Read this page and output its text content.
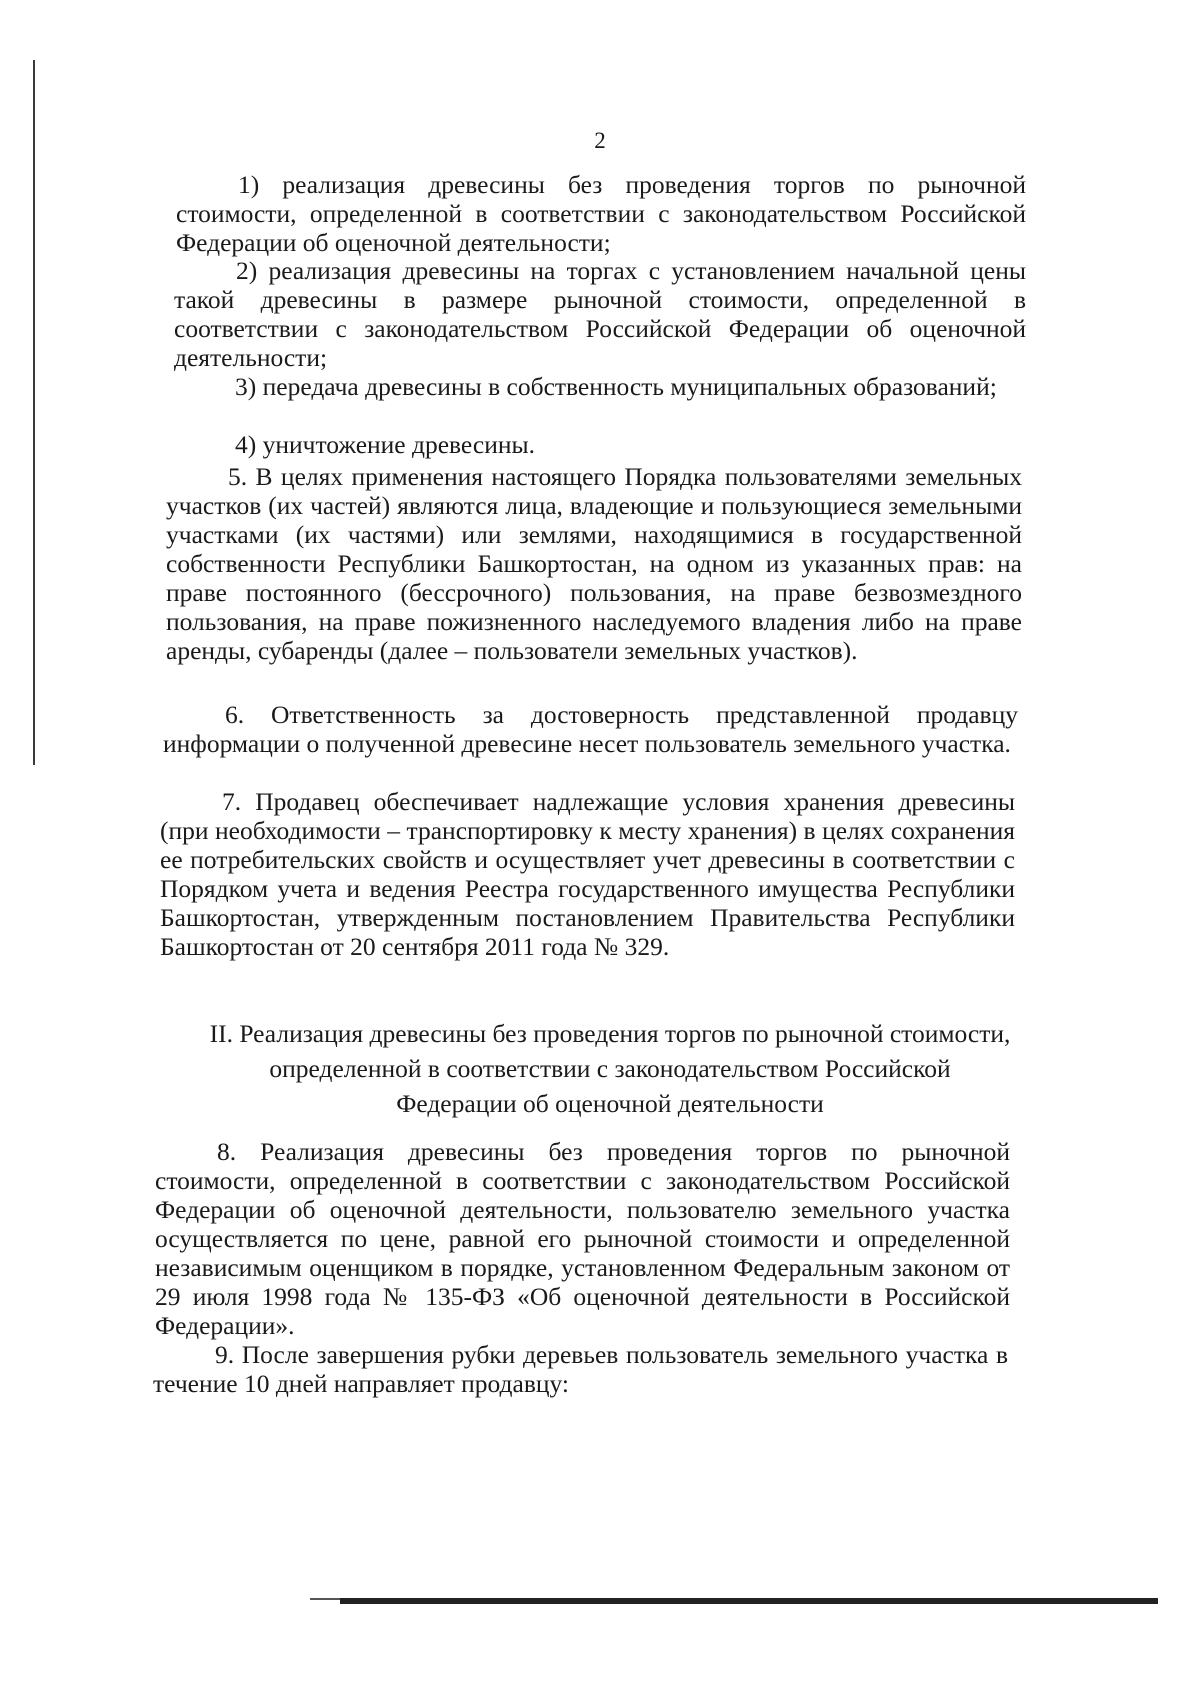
2

1) реализация древесины без проведения торгов по рыночной стоимости, определенной в соответствии с законодательством Российской Федерации об оценочной деятельности;

2) реализация древесины на торгах с установлением начальной цены такой древесины в размере рыночной стоимости, определенной в соответствии с законодательством Российской Федерации об оценочной деятельности;

3) передача древесины в собственность муниципальных образований;

4) уничтожение древесины.

5. В целях применения настоящего Порядка пользователями земельных участков (их частей) являются лица, владеющие и пользующиеся земельными участками (их частями) или землями, находящимися в государственной собственности Республики Башкортостан, на одном из указанных прав: на праве постоянного (бессрочного) пользования, на праве безвозмездного пользования, на праве пожизненного наследуемого владения либо на праве аренды, субаренды (далее – пользователи земельных участков).

6. Ответственность за достоверность представленной продавцу информации о полученной древесине несет пользователь земельного участка.

7. Продавец обеспечивает надлежащие условия хранения древесины (при необходимости – транспортировку к месту хранения) в целях сохранения ее потребительских свойств и осуществляет учет древесины в соответствии с Порядком учета и ведения Реестра государственного имущества Республики Башкортостан, утвержденным постановлением Правительства Республики Башкортостан от 20 сентября 2011 года № 329.

II. Реализация древесины без проведения торгов по рыночной стоимости,

определенной в соответствии с законодательством Российской

Федерации об оценочной деятельности

8. Реализация древесины без проведения торгов по рыночной стоимости, определенной в соответствии с законодательством Российской Федерации об оценочной деятельности, пользователю земельного участка осуществляется по цене, равной его рыночной стоимости и определенной независимым оценщиком в порядке, установленном Федеральным законом от 29 июля 1998 года № 135-ФЗ «Об оценочной деятельности в Российской Федерации».

9. После завершения рубки деревьев пользователь земельного участка в течение 10 дней направляет продавцу:
